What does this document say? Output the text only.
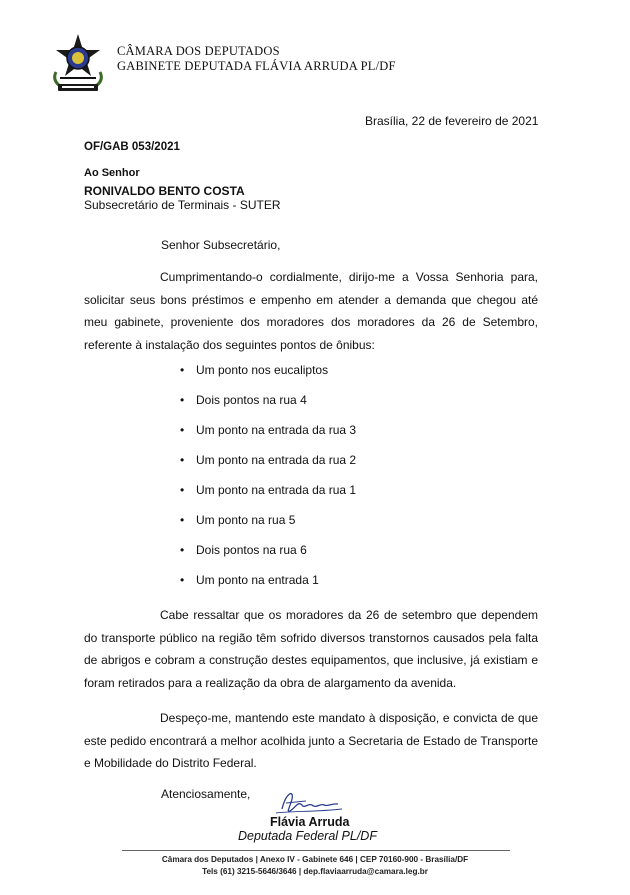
CÂMARA DOS DEPUTADOS
GABINETE DEPUTADA FLÁVIA ARRUDA PL/DF
Brasília, 22 de fevereiro de 2021
OF/GAB 053/2021
Ao Senhor
RONIVALDO BENTO COSTA
Subsecretário de Terminais - SUTER
Senhor Subsecretário,
Cumprimentando-o cordialmente, dirijo-me a Vossa Senhoria para, solicitar seus bons préstimos e empenho em atender a demanda que chegou até meu gabinete, proveniente dos moradores dos moradores da 26 de Setembro, referente à instalação dos seguintes pontos de ônibus:
• Um ponto nos eucaliptos
• Dois pontos na rua 4
• Um ponto na entrada da rua 3
• Um ponto na entrada da rua 2
• Um ponto na entrada da rua 1
• Um ponto na rua 5
• Dois pontos na rua 6
• Um ponto na entrada 1
Cabe ressaltar que os moradores da 26 de setembro que dependem do transporte público na região têm sofrido diversos transtornos causados pela falta de abrigos e cobram a construção destes equipamentos, que inclusive, já existiam e foram retirados para a realização da obra de alargamento da avenida.
Despeço-me, mantendo este mandato à disposição, e convicta de que este pedido encontrará a melhor acolhida junto a Secretaria de Estado de Transporte e Mobilidade do Distrito Federal.
Atenciosamente,
Flávia Arruda
Deputada Federal PL/DF
Câmara dos Deputados | Anexo IV - Gabinete 646 | CEP 70160-900 - Brasília/DF
Tels (61) 3215-5646/3646 | dep.flaviaarruda@camara.leg.br
